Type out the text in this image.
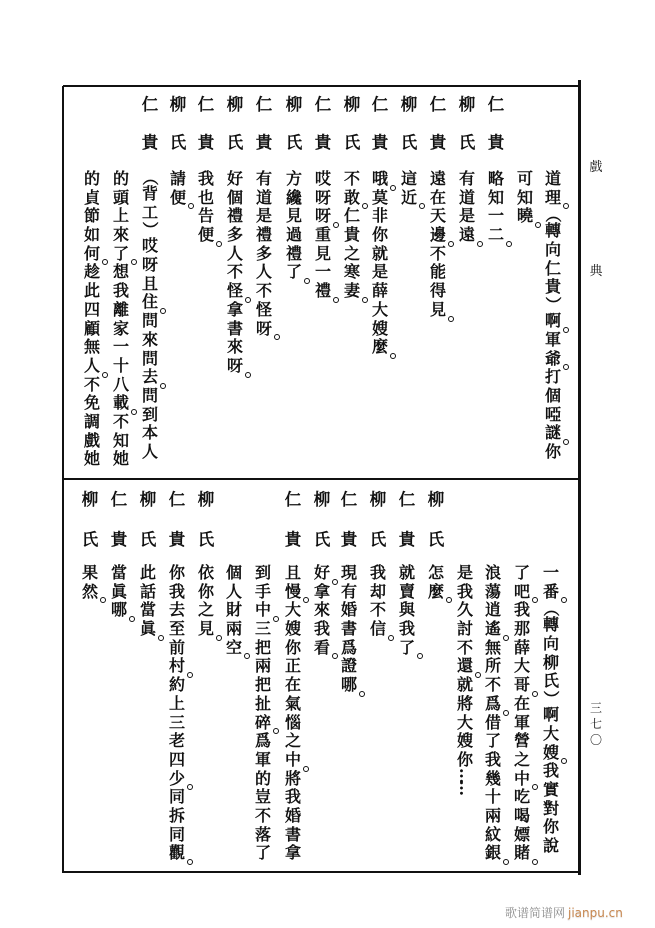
戲
典
三
七
〇
道
理
（
轉
向
仁
貴
）
啊
軍
爺
打
個
啞
謎
你
可
知
曉
仁
貴
略
知
一
二
柳
氏
有
道
是
遠
仁
貴
遠
在
天
邊
不
能
得
見
柳
氏
這
近
仁
貴
哦
莫
非
你
就
是
薛
大
嫂
麼
柳
氏
不
敢
仁
貴
之
寒
妻
仁
貴
哎
呀
呀
重
見
一
禮
柳
氏
方
纔
見
過
禮
了
仁
貴
有
道
是
禮
多
人
不
怪
呀
柳
氏
好
個
禮
多
人
不
怪
拿
書
來
呀
仁
貴
我
也
告
便
柳
氏
請
便
仁
貴
（
背
工
）
哎
呀
且
住
問
來
問
去
問
到
本
人
的
頭
上
來
了
想
我
離
家
一
十
八
載
不
知
她
的
貞
節
如
何
趁
此
四
顧
無
人
不
免
調
戲
她
一
番
（
轉
向
柳
氏
）
啊
大
嫂
我
實
對
你
說
了
吧
我
那
薛
大
哥
在
軍
營
之
中
吃
喝
嫖
賭
浪
蕩
逍
遙
無
所
不
爲
借
了
我
幾
十
兩
紋
銀
是
我
久
討
不
還
就
將
大
嫂
你
…
…
柳
氏
怎
麼
仁
貴
就
賣
與
我
了
柳
氏
我
却
不
信
仁
貴
現
有
婚
書
爲
證
哪
柳
氏
好
拿
來
我
看
仁
貴
且
慢
大
嫂
你
正
在
氣
惱
之
中
將
我
婚
書
拿
到
手
中
三
把
兩
把
扯
碎
爲
軍
的
豈
不
落
了
個
人
財
兩
空
柳
氏
依
你
之
見
仁
貴
你
我
去
至
前
村
約
上
三
老
四
少
同
拆
同
觀
柳
氏
此
話
當
眞
仁
貴
當
眞
哪
柳
氏
果
然
歌谱简谱网 jianpu.cn
